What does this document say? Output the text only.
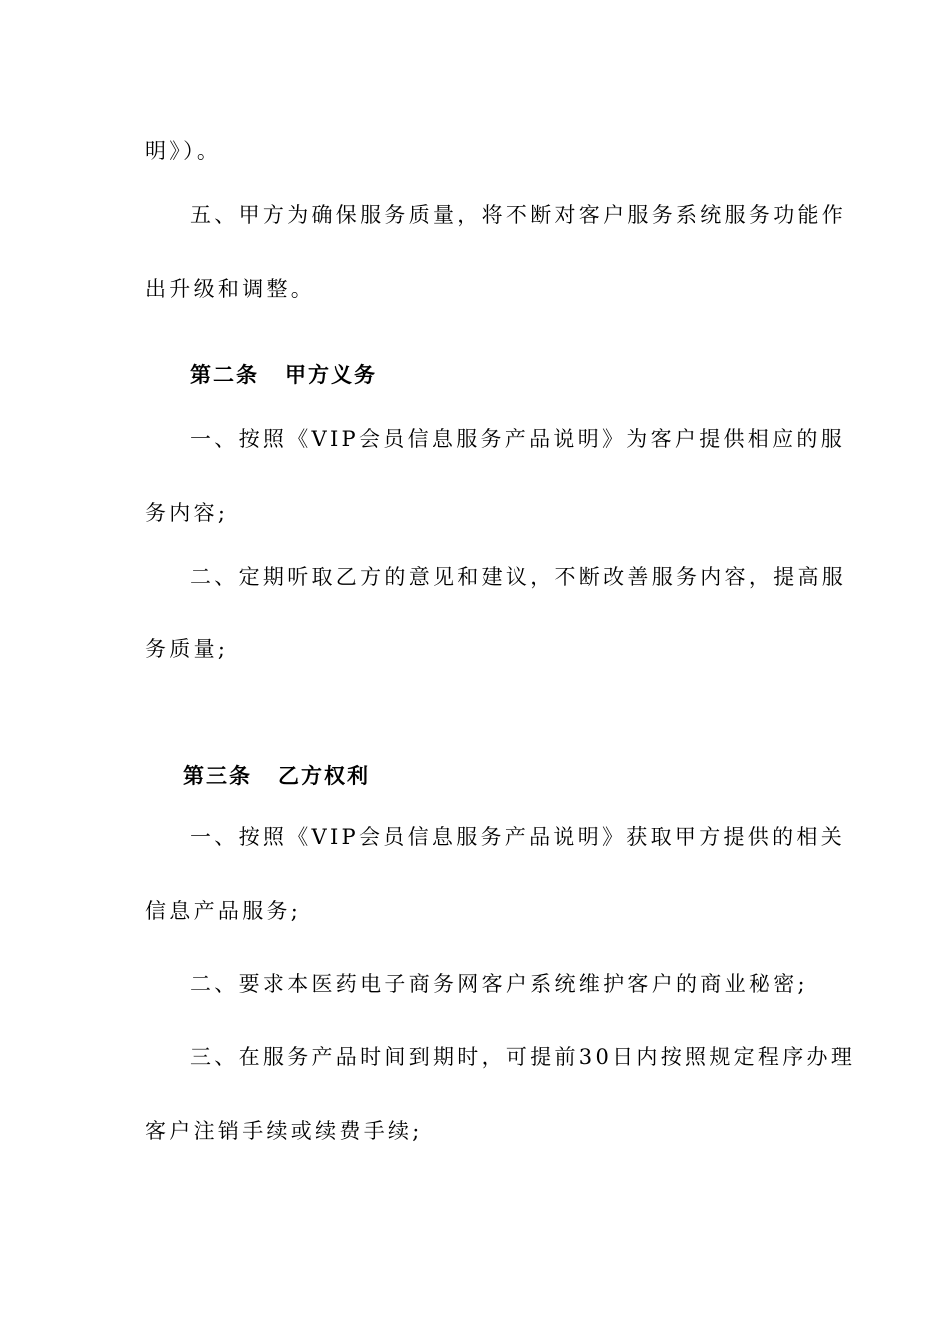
明》）。
五、甲方为确保服务质量，将不断对客户服务系统服务功能作
出升级和调整。
第二条 甲方义务
一、按照《VIP会员信息服务产品说明》为客户提供相应的服
务内容;
二、定期听取乙方的意见和建议，不断改善服务内容，提高服
务质量;
第三条 乙方权利
一、按照《VIP会员信息服务产品说明》获取甲方提供的相关
信息产品服务;
二、要求本医药电子商务网客户系统维护客户的商业秘密;
三、在服务产品时间到期时，可提前30日内按照规定程序办理
客户注销手续或续费手续;
